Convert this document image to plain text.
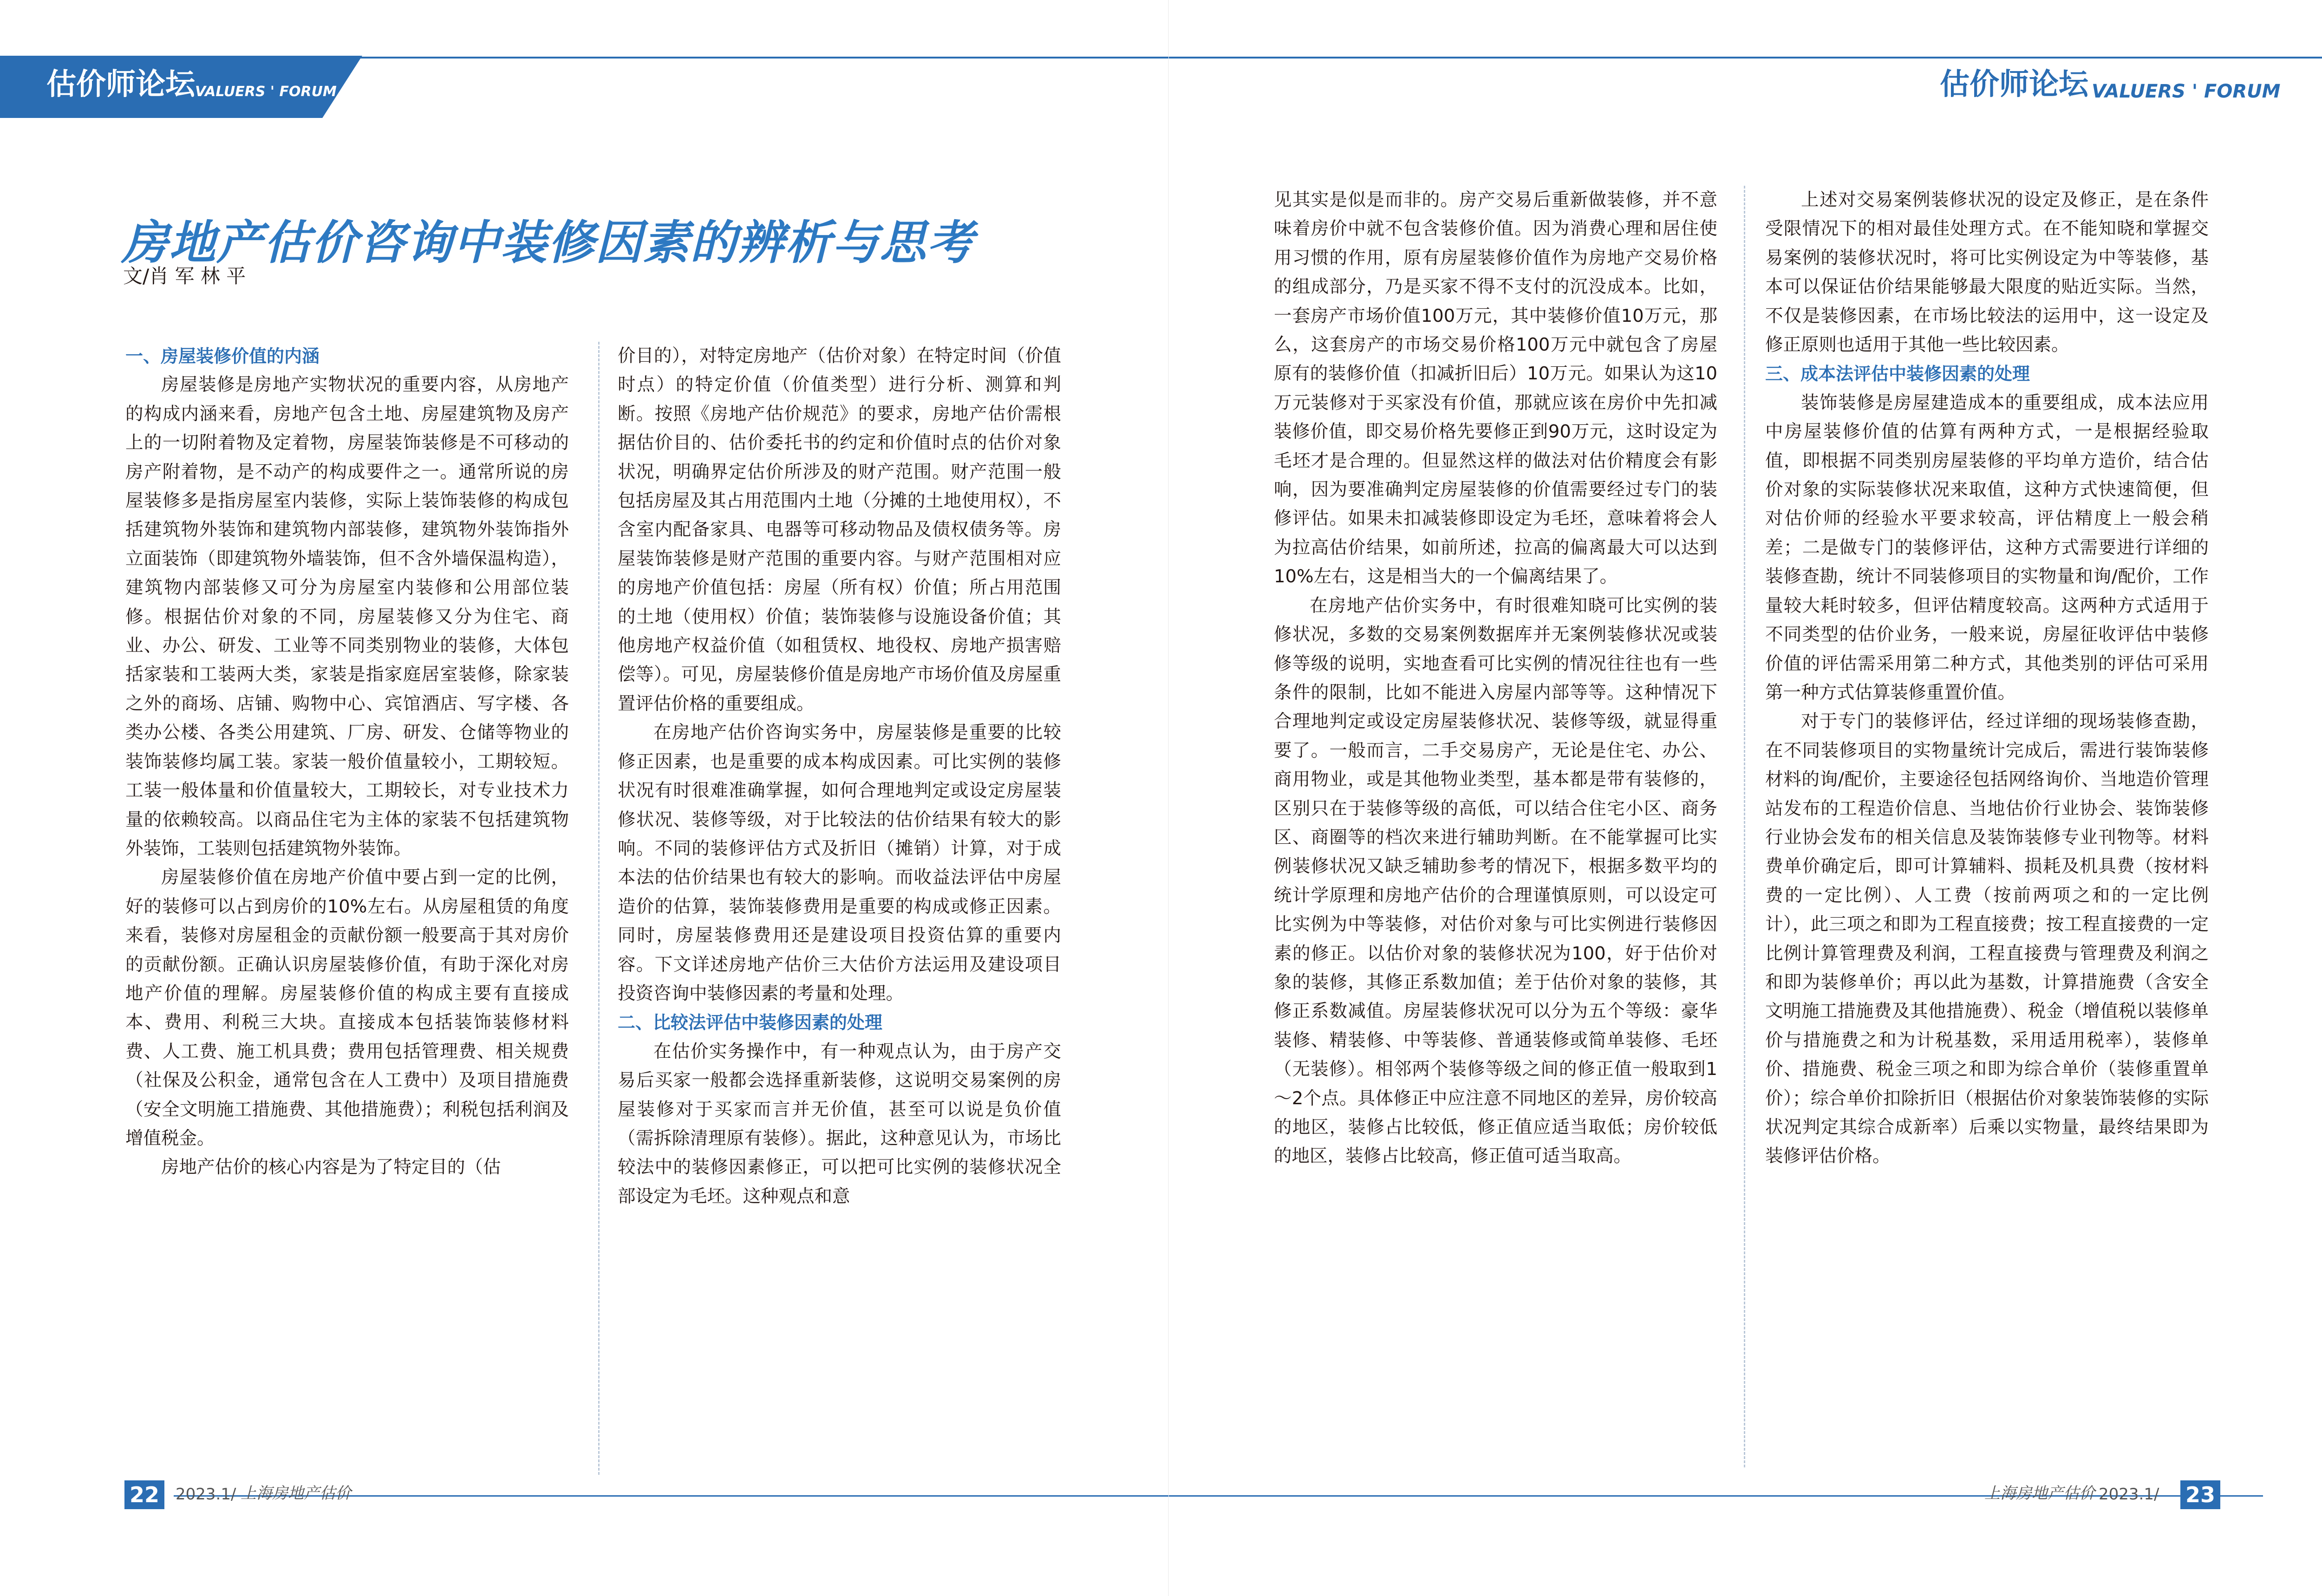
估价师论坛 VALUERS ' FORUM
房地产估价咨询中装修因素的辨析与思考
文/肖 军 林 平
一、房屋装修价值的内涵

房屋装修是房地产实物状况的重要内容，从房地产的构成内涵来看，房地产包含土地、房屋建筑物及房产上的一切附着物及定着物，房屋装饰装修是不可移动的房产附着物，是不动产的构成要件之一。通常所说的房屋装修多是指房屋室内装修，实际上装饰装修的构成包括建筑物外装饰和建筑物内部装修，建筑物外装饰指外立面装饰（即建筑物外墙装饰，但不含外墙保温构造），建筑物内部装修又可分为房屋室内装修和公用部位装修。根据估价对象的不同，房屋装修又分为住宅、商业、办公、研发、工业等不同类别物业的装修，大体包括家装和工装两大类，家装是指家庭居室装修，除家装之外的商场、店铺、购物中心、宾馆酒店、写字楼、各类办公楼、各类公用建筑、厂房、研发、仓储等物业的装饰装修均属工装。家装一般价值量较小，工期较短。工装一般体量和价值量较大，工期较长，对专业技术力量的依赖较高。以商品住宅为主体的家装不包括建筑物外装饰，工装则包括建筑物外装饰。

房屋装修价值在房地产价值中要占到一定的比例，好的装修可以占到房价的10%左右。从房屋租赁的角度来看，装修对房屋租金的贡献份额一般要高于其对房价的贡献份额。正确认识房屋装修价值，有助于深化对房地产价值的理解。房屋装修价值的构成主要有直接成本、费用、利税三大块。直接成本包括装饰装修材料费、人工费、施工机具费；费用包括管理费、相关规费（社保及公积金，通常包含在人工费中）及项目措施费（安全文明施工措施费、其他措施费）；利税包括利润及增值税金。

房地产估价的核心内容是为了特定目的（估

价目的），对特定房地产（估价对象）在特定时间（价值时点）的特定价值（价值类型）进行分析、测算和判断。按照《房地产估价规范》的要求，房地产估价需根据估价目的、估价委托书的约定和价值时点的估价对象状况，明确界定估价所涉及的财产范围。财产范围一般包括房屋及其占用范围内土地（分摊的土地使用权），不含室内配备家具、电器等可移动物品及债权债务等。房屋装饰装修是财产范围的重要内容。与财产范围相对应的房地产价值包括：房屋（所有权）价值；所占用范围的土地（使用权）价值；装饰装修与设施设备价值；其他房地产权益价值（如租赁权、地役权、房地产损害赔偿等）。可见，房屋装修价值是房地产市场价值及房屋重置评估价格的重要组成。

在房地产估价咨询实务中，房屋装修是重要的比较修正因素，也是重要的成本构成因素。可比实例的装修状况有时很难准确掌握，如何合理地判定或设定房屋装修状况、装修等级，对于比较法的估价结果有较大的影响。不同的装修评估方式及折旧（摊销）计算，对于成本法的估价结果也有较大的影响。而收益法评估中房屋造价的估算，装饰装修费用是重要的构成或修正因素。同时，房屋装修费用还是建设项目投资估算的重要内容。下文详述房地产估价三大估价方法运用及建设项目投资咨询中装修因素的考量和处理。

二、比较法评估中装修因素的处理

在估价实务操作中，有一种观点认为，由于房产交易后买家一般都会选择重新装修，这说明交易案例的房屋装修对于买家而言并无价值，甚至可以说是负价值（需拆除清理原有装修）。据此，这种意见认为，市场比较法中的装修因素修正，可以把可比实例的装修状况全部设定为毛坯。这种观点和意

22	2023.1/ 上海房地产估价
估价师论坛 VALUERS ' FORUM
上海房地产估价 2023.1/ 23

见其实是似是而非的。房产交易后重新做装修，并不意味着房价中就不包含装修价值。因为消费心理和居住使用习惯的作用，原有房屋装修价值作为房地产交易价格的组成部分，乃是买家不得不支付的沉没成本。比如，一套房产市场价值100万元，其中装修价值10万元，那么，这套房产的市场交易价格100万元中就包含了房屋原有的装修价值（扣减折旧后）10万元。如果认为这10万元装修对于买家没有价值，那就应该在房价中先扣减装修价值，即交易价格先要修正到90万元，这时设定为毛坯才是合理的。但显然这样的做法对估价精度会有影响，因为要准确判定房屋装修的价值需要经过专门的装修评估。如果未扣减装修即设定为毛坯，意味着将会人为拉高估价结果，如前所述，拉高的偏离最大可以达到10%左右，这是相当大的一个偏离结果了。

在房地产估价实务中，有时很难知晓可比实例的装修状况，多数的交易案例数据库并无案例装修状况或装修等级的说明，实地查看可比实例的情况往往也有一些条件的限制，比如不能进入房屋内部等等。这种情况下合理地判定或设定房屋装修状况、装修等级，就显得重要了。一般而言，二手交易房产，无论是住宅、办公、商用物业，或是其他物业类型，基本都是带有装修的，区别只在于装修等级的高低，可以结合住宅小区、商务区、商圈等的档次来进行辅助判断。在不能掌握可比实例装修状况又缺乏辅助参考的情况下，根据多数平均的统计学原理和房地产估价的合理谨慎原则，可以设定可比实例为中等装修，对估价对象与可比实例进行装修因素的修正。以估价对象的装修状况为100，好于估价对象的装修，其修正系数加值；差于估价对象的装修，其修正系数减值。房屋装修状况可以分为五个等级：豪华装修、精装修、中等装修、普通装修或简单装修、毛坯（无装修）。相邻两个装修等级之间的修正值一般取到1～2个点。具体修正中应注意不同地区的差异，房价较高的地区，装修占比较低，修正值应适当取低；房价较低的地区，装修占比较高，修正值可适当取高。

上述对交易案例装修状况的设定及修正，是在条件受限情况下的相对最佳处理方式。在不能知晓和掌握交易案例的装修状况时，将可比实例设定为中等装修，基本可以保证估价结果能够最大限度的贴近实际。当然，不仅是装修因素，在市场比较法的运用中，这一设定及修正原则也适用于其他一些比较因素。

三、成本法评估中装修因素的处理

装饰装修是房屋建造成本的重要组成，成本法应用中房屋装修价值的估算有两种方式，一是根据经验取值，即根据不同类别房屋装修的平均单方造价，结合估价对象的实际装修状况来取值，这种方式快速简便，但对估价师的经验水平要求较高，评估精度上一般会稍差；二是做专门的装修评估，这种方式需要进行详细的装修查勘，统计不同装修项目的实物量和询/配价，工作量较大耗时较多，但评估精度较高。这两种方式适用于不同类型的估价业务，一般来说，房屋征收评估中装修价值的评估需采用第二种方式，其他类别的评估可采用第一种方式估算装修重置价值。

对于专门的装修评估，经过详细的现场装修查勘，在不同装修项目的实物量统计完成后，需进行装饰装修材料的询/配价，主要途径包括网络询价、当地造价管理站发布的工程造价信息、当地估价行业协会、装饰装修行业协会发布的相关信息及装饰装修专业刊物等。材料费单价确定后，即可计算辅料、损耗及机具费（按材料费的一定比例）、人工费（按前两项之和的一定比例计），此三项之和即为工程直接费；按工程直接费的一定比例计算管理费及利润，工程直接费与管理费及利润之和即为装修单价；再以此为基数，计算措施费（含安全文明施工措施费及其他措施费）、税金（增值税以装修单价与措施费之和为计税基数，采用适用税率），装修单价、措施费、税金三项之和即为综合单价（装修重置单价）；综合单价扣除折旧（根据估价对象装饰装修的实际状况判定其综合成新率）后乘以实物量，最终结果即为装修评估价格。
